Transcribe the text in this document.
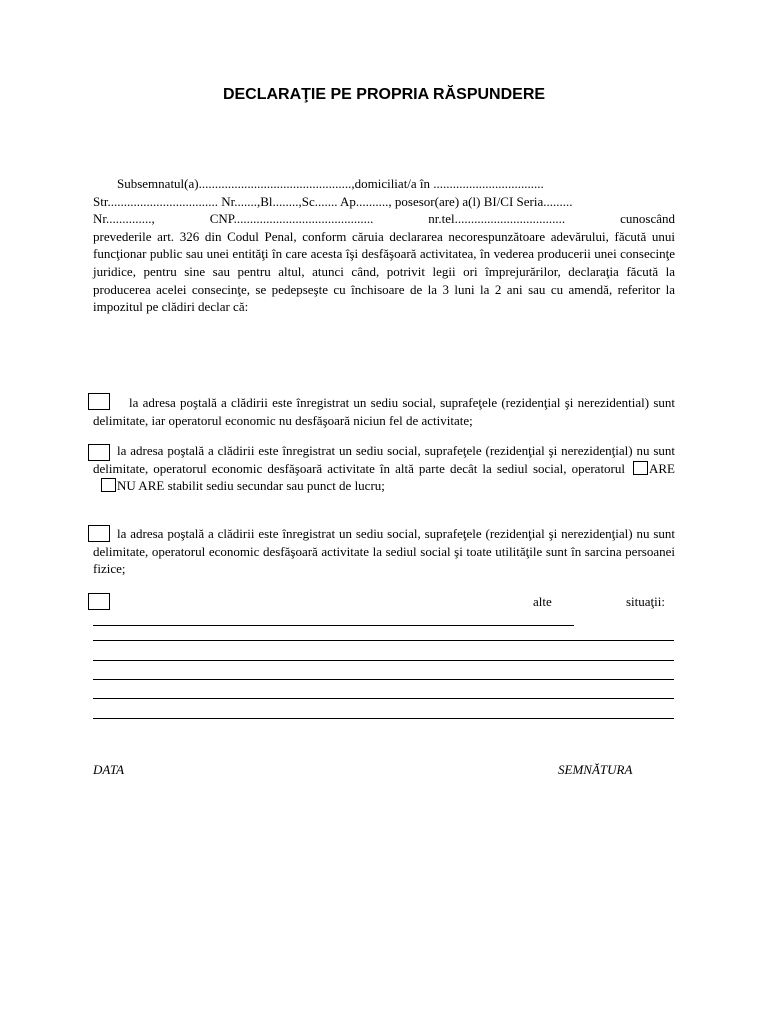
DECLARAŢIE PE PROPRIA RĂSPUNDERE
Subsemnatul(a)...............................................,domiciliat/a în ..................................
Str.................................. Nr.......,Bl........,Sc....... Ap.........., posesor(are) a(l) BI/CI Seria.........
Nr..............,	CNP...........................................	nr.tel..................................	cunoscând
prevederile art. 326 din Codul Penal, conform căruia declararea necorespunzătoare adevărului, făcută unui funcţionar public sau unei entităţi în care acesta îşi desfăşoară activitatea, în vederea producerii unei consecinţe juridice, pentru sine sau pentru altul, atunci când, potrivit legii ori împrejurărilor, declaraţia făcută la producerea acelei consecinţe, se pedepseşte cu închisoare de la 3 luni la 2 ani sau cu amendă, referitor la impozitul pe clădiri declar că:

la adresa poştală a clădirii este înregistrat un sediu social, suprafeţele (rezidenţial şi nerezidential) sunt delimitate, iar operatorul economic nu desfăşoară niciun fel de activitate;

la adresa poştală a clădirii este înregistrat un sediu social, suprafeţele (rezidenţial şi nerezidenţial) nu sunt delimitate, operatorul economic desfăşoară activitate în altă parte decât la sediul social, operatorul ARENU ARE stabilit sediu secundar sau punct de lucru;

la adresa poştală a clădirii este înregistrat un sediu social, suprafeţele (rezidenţial şi nerezidenţial) nu sunt delimitate, operatorul economic desfăşoară activitate la sediul social şi toate utilităţile sunt în sarcina persoanei fizice;

alte	situaţii:
DATA	SEMNĂTURA
